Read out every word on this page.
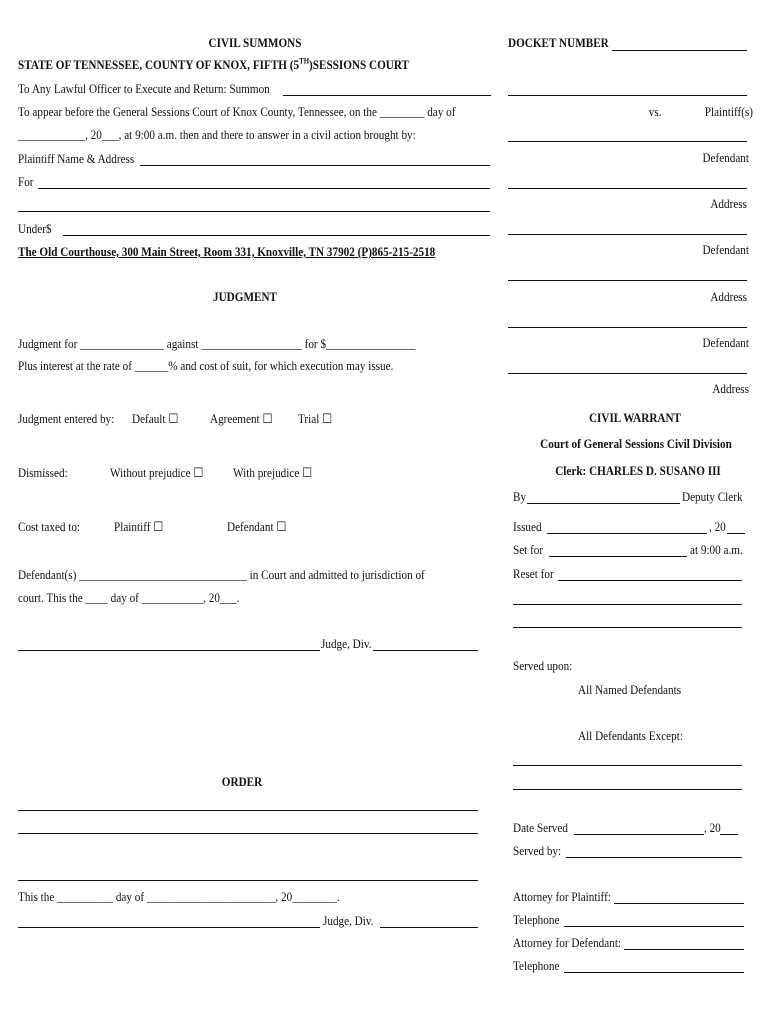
CIVIL SUMMONS
STATE OF TENNESSEE, COUNTY OF KNOX, FIFTH (5TH)SESSIONS COURT
To Any Lawful Officer to Execute and Return: Summon
To appear before the General Sessions Court of Knox County, Tennessee, on the ________ day of
____________, 20___, at 9:00 a.m. then and there to answer in a civil action brought by:
Plaintiff Name & Address
For
Under$
The Old Courthouse, 300 Main Street, Room 331, Knoxville, TN 37902 (P)865-215-2518
JUDGMENT
Judgment for _______________ against __________________ for $________________
Plus interest at the rate of ______% and cost of suit, for which execution may issue.
Judgment entered by: Default ☐ Agreement ☐ Trial ☐
Dismissed:	Without prejudice ☐ With prejudice ☐
Cost taxed to:	Plaintiff ☐	Defendant ☐
Defendant(s) ______________________________ in Court and admitted to jurisdiction of
court. This the ____ day of ___________, 20___.
Judge, Div.
ORDER
This the __________ day of _______________________, 20________.
Judge, Div.
DOCKET NUMBER
vs.	Plaintiff(s)
Defendant
Address
Defendant
Address
Defendant
Address
CIVIL WARRANT
Court of General Sessions Civil Division
Clerk: CHARLES D. SUSANO III
By	Deputy Clerk
Issued	, 20
Set for	at 9:00 a.m.
Reset for
Served upon:
All Named Defendants
All Defendants Except:
Date Served	, 20
Served by:
Attorney for Plaintiff:
Telephone
Attorney for Defendant:
Telephone
